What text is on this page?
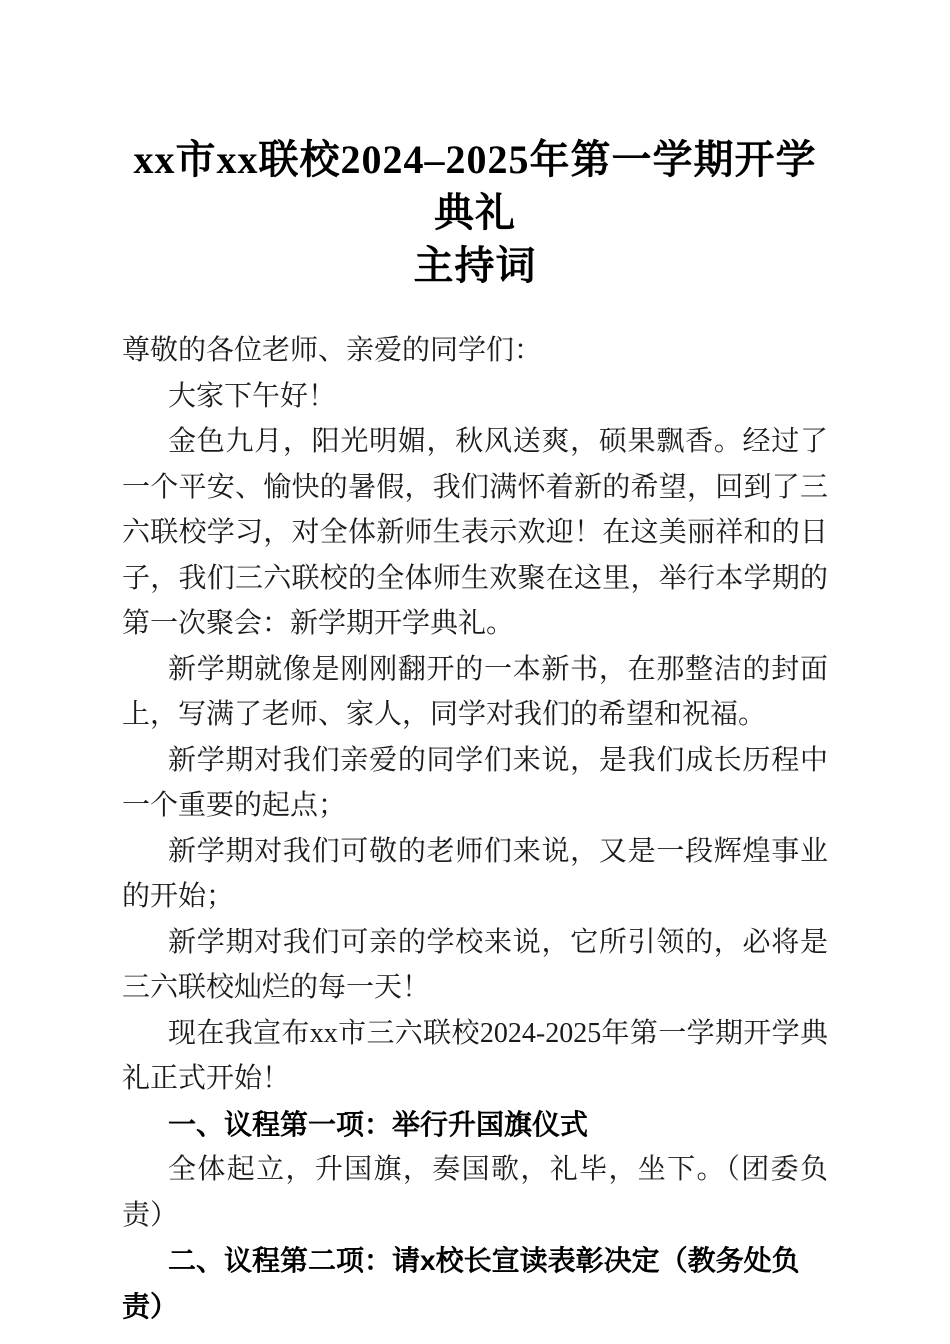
xx市xx联校2024–2025年第一学期开学典礼
主持词

尊敬的各位老师、亲爱的同学们：

大家下午好！

金色九月，阳光明媚，秋风送爽，硕果飘香。经过了一个平安、愉快的暑假，我们满怀着新的希望，回到了三六联校学习，对全体新师生表示欢迎！在这美丽祥和的日子，我们三六联校的全体师生欢聚在这里，举行本学期的第一次聚会：新学期开学典礼。

新学期就像是刚刚翻开的一本新书，在那整洁的封面上，写满了老师、家人，同学对我们的希望和祝福。

新学期对我们亲爱的同学们来说，是我们成长历程中一个重要的起点；

新学期对我们可敬的老师们来说，又是一段辉煌事业的开始；

新学期对我们可亲的学校来说，它所引领的，必将是三六联校灿烂的每一天！

现在我宣布xx市三六联校2024-2025年第一学期开学典礼正式开始！

一、议程第一项：举行升国旗仪式

全体起立，升国旗，奏国歌，礼毕，坐下。（团委负责）

二、议程第二项：请x校长宣读表彰决定（教务处负责）
